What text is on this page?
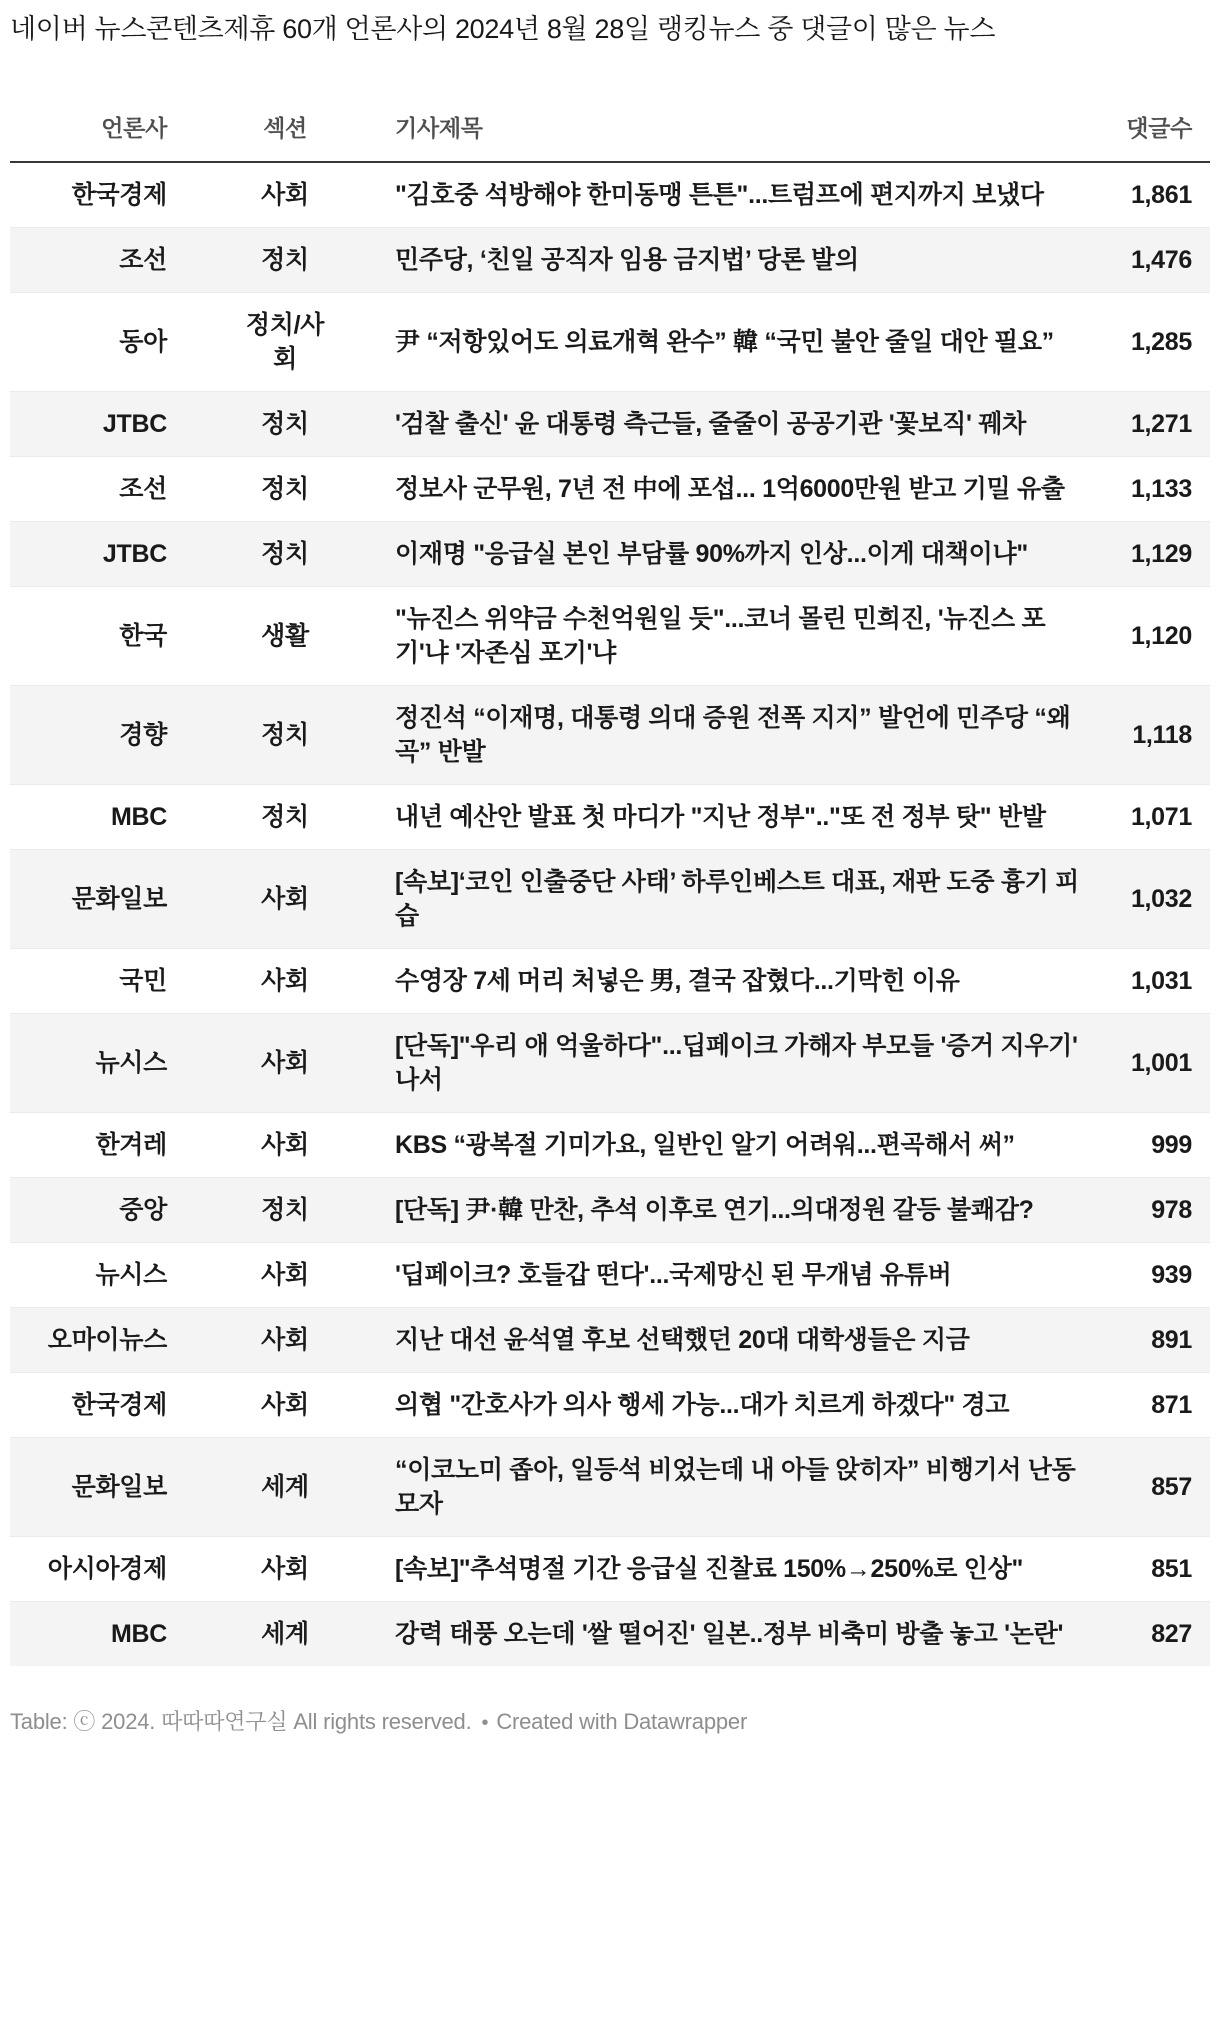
네이버 뉴스콘텐츠제휴 60개 언론사의 2024년 8월 28일 랭킹뉴스 중 댓글이 많은 뉴스
언론사	섹션	기사제목	댓글수
한국경제	사회	"김호중 석방해야 한미동맹 튼튼"...트럼프에 편지까지 보냈다	1,861
조선	정치	민주당, ‘친일 공직자 임용 금지법’ 당론 발의	1,476
동아	정치/사회	尹 “저항있어도 의료개혁 완수” 韓 “국민 불안 줄일 대안 필요”	1,285
JTBC	정치	'검찰 출신' 윤 대통령 측근들, 줄줄이 공공기관 '꽃보직' 꿰차	1,271
조선	정치	정보사 군무원, 7년 전 中에 포섭... 1억6000만원 받고 기밀 유출	1,133
JTBC	정치	이재명 "응급실 본인 부담률 90%까지 인상...이게 대책이냐"	1,129
한국	생활	"뉴진스 위약금 수천억원일 듯"...코너 몰린 민희진, '뉴진스 포기'냐 '자존심 포기'냐	1,120
경향	정치	정진석 “이재명, 대통령 의대 증원 전폭 지지” 발언에 민주당 “왜곡” 반발	1,118
MBC	정치	내년 예산안 발표 첫 마디가 "지난 정부".."또 전 정부 탓" 반발	1,071
문화일보	사회	[속보]‘코인 인출중단 사태’ 하루인베스트 대표, 재판 도중 흉기 피습	1,032
국민	사회	수영장 7세 머리 처넣은 男, 결국 잡혔다...기막힌 이유	1,031
뉴시스	사회	[단독]"우리 애 억울하다"...딥페이크 가해자 부모들 '증거 지우기' 나서	1,001
한겨레	사회	KBS “광복절 기미가요, 일반인 알기 어려워...편곡해서 써”	999
중앙	정치	[단독] 尹·韓 만찬, 추석 이후로 연기...의대정원 갈등 불쾌감?	978
뉴시스	사회	'딥페이크? 호들갑 떤다'...국제망신 된 무개념 유튜버	939
오마이뉴스	사회	지난 대선 윤석열 후보 선택했던 20대 대학생들은 지금	891
한국경제	사회	의협 "간호사가 의사 행세 가능...대가 치르게 하겠다" 경고	871
문화일보	세계	“이코노미 좁아, 일등석 비었는데 내 아들 앉히자” 비행기서 난동 모자	857
아시아경제	사회	[속보]"추석명절 기간 응급실 진찰료 150%→250%로 인상"	851
MBC	세계	강력 태풍 오는데 '쌀 떨어진' 일본..정부 비축미 방출 놓고 '논란'	827
Table: ⓒ 2024. 따따따연구실 All rights reserved. • Created with Datawrapper
